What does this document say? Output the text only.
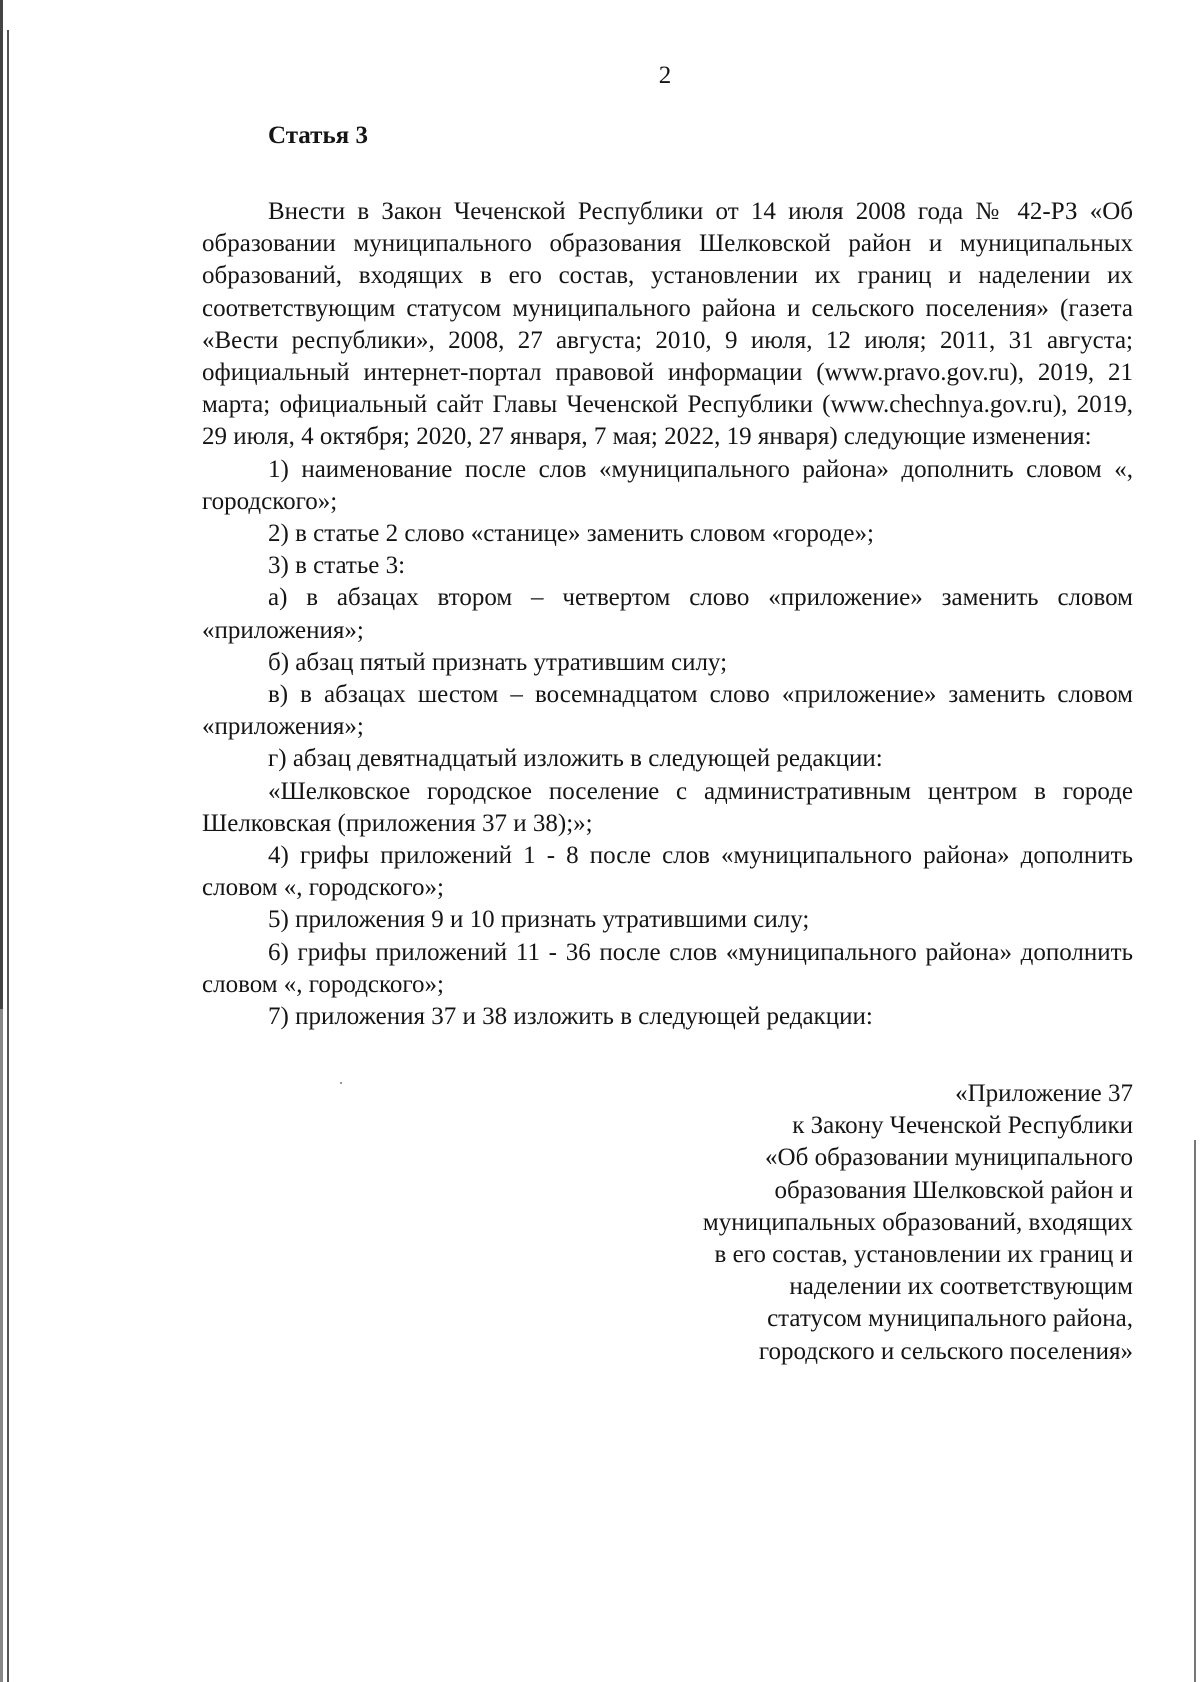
2
Статья 3

Внести в Закон Чеченской Республики от 14 июля 2008 года № 42-РЗ «Об образовании муниципального образования Шелковской район и муниципальных образований, входящих в его состав, установлении их границ и наделении их соответствующим статусом муниципального района и сельского поселения» (газета «Вести республики», 2008, 27 августа; 2010, 9 июля, 12 июля; 2011, 31 августа; официальный интернет-портал правовой информации (www.pravo.gov.ru), 2019, 21 марта; официальный сайт Главы Чеченской Республики (www.chechnya.gov.ru), 2019, 29 июля, 4 октября; 2020, 27 января, 7 мая; 2022, 19 января) следующие изменения:

1) наименование после слов «муниципального района» дополнить словом «, городского»;

2) в статье 2 слово «станице» заменить словом «городе»;

3) в статье 3:

а) в абзацах втором – четвертом слово «приложение» заменить словом «приложения»;

б) абзац пятый признать утратившим силу;

в) в абзацах шестом – восемнадцатом слово «приложение» заменить словом «приложения»;

г) абзац девятнадцатый изложить в следующей редакции:

«Шелковское городское поселение с административным центром в городе Шелковская (приложения 37 и 38);»;

4) грифы приложений 1 - 8 после слов «муниципального района» дополнить словом «, городского»;

5) приложения 9 и 10 признать утратившими силу;

6) грифы приложений 11 - 36 после слов «муниципального района» дополнить словом «, городского»;

7) приложения 37 и 38 изложить в следующей редакции:

«Приложение 37
к Закону Чеченской Республики
«Об образовании муниципального
образования Шелковской район и
муниципальных образований, входящих
в его состав, установлении их границ и
наделении их соответствующим
статусом муниципального района,
городского и сельского поселения»
